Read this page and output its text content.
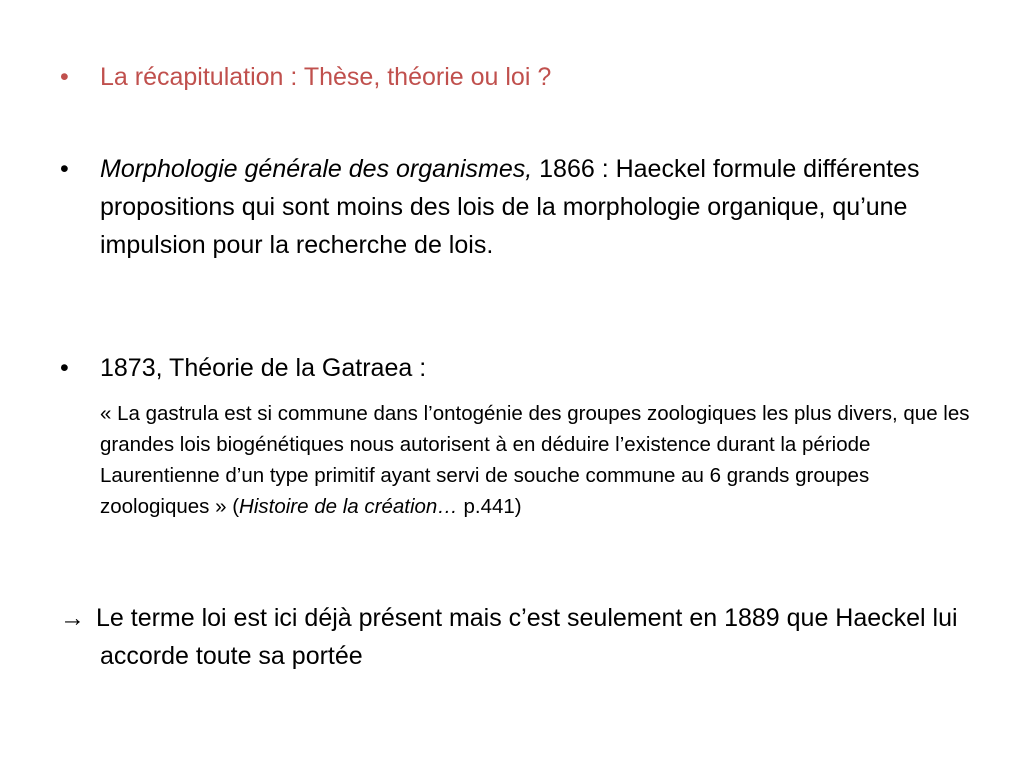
• La récapitulation : Thèse, théorie ou loi ?
• Morphologie générale des organismes, 1866 : Haeckel formule différentes propositions qui sont moins des lois de la morphologie organique, qu’une impulsion pour la recherche de lois.
• 1873, Théorie de la Gatraea :
« La gastrula est si commune dans l’ontogénie des groupes zoologiques les plus divers, que les grandes lois biogénétiques nous autorisent à en déduire l’existence durant la période Laurentienne d’un type primitif ayant servi de souche commune au 6 grands groupes zoologiques » (Histoire de la création… p.441)
→ Le terme loi est ici déjà présent mais c’est seulement en 1889 que Haeckel lui accorde toute sa portée
